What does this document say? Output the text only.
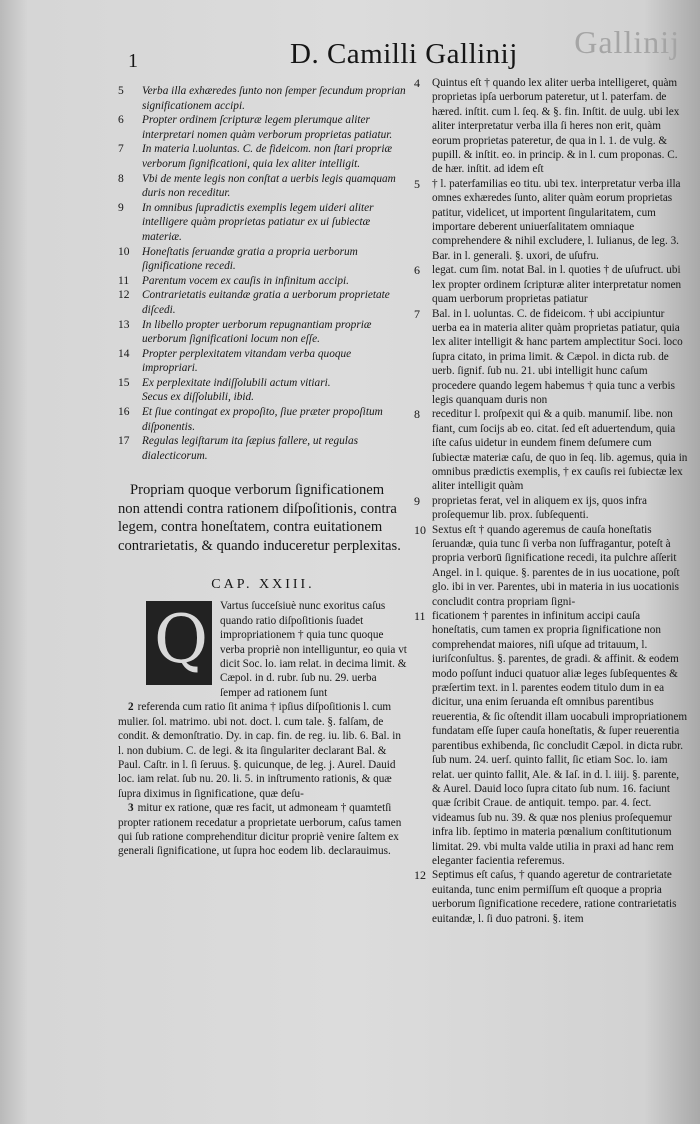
Gallinij
1	D. Camilli Gallinij
5	Verba illa exhæredes ſunto non ſemper ſecundum proprian significationem accipi.
6	Propter ordinem ſcripturæ legem plerumque aliter interpretari nomen quàm verborum proprietas patiatur.
7	In materia l.uoluntas. C. de fideicom. non ſtari propriæ verborum ſignificationi, quia lex aliter intelligit.
8	Vbi de mente legis non conſtat a uerbis legis quamquam duris non receditur.
9	In omnibus ſupradictis exemplis legem uideri aliter intelligere quàm proprietas patiatur ex ui ſubiectæ materiæ.
10	Honeſtatis ſeruandæ gratia a propria uerborum ſignificatione recedi.
11	Parentum vocem ex cauſis in infinitum accipi.
12	Contrarietatis euitandæ gratia a uerborum proprietate diſcedi.
13	In libello propter uerborum repugnantiam propriæ uerborum ſignificationi locum non eſſe.
14	Propter perplexitatem vitandam verba quoque impropriari.
15	Ex perplexitate indiſſolubili actum vitiari.
Secus ex diſſolubili, ibid.
16	Et ſiue contingat ex propoſito, ſiue præter propoſitum diſponentis.
17	Regulas legiſtarum ita ſæpius fallere, ut regulas dialecticorum.
Propriam quoque verborum ſignificationem non attendi contra rationem diſpoſitionis, contra legem, contra honeſtatem, contra euitationem contrarietatis, & quando induceretur perplexitas.
CAP. XXIII.
Q	Vartus ſucceſsiuè nunc exoritus caſus quando ratio diſpoſitionis ſuadet impropriationem † quia tunc quoque verba propriè non intelliguntur, eo quia vt dicit Soc. lo. iam relat. in decima limit. & Cæpol. in d. rubr. ſub nu. 29. uerba ſemper ad rationem ſunt
2 referenda cum ratio ſit anima † ipſius diſpoſitionis l. cum mulier. ſol. matrimo. ubi not. doct. l. cum tale. §. falſam, de condit. & demonſtratio. Dy. in cap. fin. de reg. iu. lib. 6. Bal. in l. non dubium. C. de legi. & ita ſingulariter declarant Bal. & Paul. Caſtr. in l. ſi ſeruus. §. quicunque, de leg. j. Aurel. Dauid loc. iam relat. ſub nu. 20. li. 5. in inſtrumento rationis, & quæ ſupra diximus in ſignificatione, quæ deſu-
3 mitur ex ratione, quæ res facit, ut admoneam † quamtetſi propter rationem recedatur a proprietate uerborum, caſus tamen qui ſub ratione comprehenditur dicitur propriè venire ſaltem ex generali ſignificatione, ut ſupra hoc eodem lib. declarauimus.
4 Quintus eſt † quando lex aliter uerba intelligeret, quàm proprietas ipſa uerborum pateretur, ut l. paterfam. de hæred. inſtit. cum l. ſeq. & §. fin. Inſtit. de uulg. ubi lex aliter interpretatur verba illa ſi heres non erit, quàm eorum proprietas pateretur, de qua in l. 1. de vulg. & pupill. & inſtit. eo. in princip. & in l. cum proponas. C. de hær. inſtit. ad idem eſt
5 † l. paterfamilias eo titu. ubi tex. interpretatur verba illa omnes exhæredes ſunto, aliter quàm eorum proprietas patitur, videlicet, ut importent ſingularitatem, cum importare deberent uniuerſalitatem omniaque comprehendere & nihil excludere, l. Iulianus, de leg. 3. Bar. in l. generali. §. uxori, de uſufru.
6 legat. cum ſim. notat Bal. in l. quoties † de uſufruct. ubi lex propter ordinem ſcripturæ aliter interpretatur nomen quam uerborum proprietas patiatur
7 Bal. in l. uoluntas. C. de fideicom. † ubi accipiuntur uerba ea in materia aliter quàm proprietas patiatur, quia lex aliter intelligit & hanc partem amplectitur Soci. loco ſupra citato, in prima limit. & Cæpol. in dicta rub. de uerb. ſignif. ſub nu. 21. ubi intelligit hunc caſum procedere quando legem habemus † quia tunc a verbis legis quanquam duris non
8 receditur l. proſpexit qui & a quib. manumiſ. libe. non fiant, cum ſocijs ab eo. citat. ſed eſt aduertendum, quia iſte caſus uidetur in eundem finem deſumere cum ſubiectæ materiæ caſu, de quo in ſeq. lib. agemus, quia in omnibus prædictis exemplis, † ex cauſis rei ſubiectæ lex aliter intelligit quàm
9 proprietas ferat, vel in aliquem ex ijs, quos infra proſequemur lib. prox. ſubſequenti.
10 Sextus eſt † quando ageremus de cauſa honeſtatis ſeruandæ, quia tunc ſi verba non ſuffragantur, poteſt à propria verborū ſignificatione recedi, ita pulchre aſſerit Angel. in l. quique. §. parentes de in ius uocatione, poſt glo. ibi in ver. Parentes, ubi in materia in ius uocationis concludit contra propriam ſigni-
11 ficationem † parentes in infinitum accipi cauſa honeſtatis, cum tamen ex propria ſignificatione non comprehendat maiores, niſi uſque ad tritauum, l. iuriſconſultus. §. parentes, de gradi. & affinit. & eodem modo poſſunt induci quatuor aliæ leges ſubſequentes & præſertim text. in l. parentes eodem titulo dum in ea dicitur, una enim ſeruanda eſt omnibus parentibus reuerentia, & ſic oſtendit illam uocabuli impropriationem fundatam eſſe ſuper cauſa honeſtatis, & ſuper reuerentia parentibus exhibenda, ſic concludit Cæpol. in dicta rubr. ſub num. 24. uerſ. quinto fallit, ſic etiam Soc. lo. iam relat. uer quinto fallit, Ale. & Iaſ. in d. l. iiij. §. parente, & Aurel. Dauid loco ſupra citato ſub num. 16. faciunt quæ ſcribit Craue. de antiquit. tempo. par. 4. ſect. videamus ſub nu. 39. & quæ nos plenius proſequemur infra lib. ſeptimo in materia pœnalium conſtitutionum limitat. 29. vbi multa valde utilia in praxi ad hanc rem eleganter facientia referemus.
12 Septimus eſt caſus, † quando ageretur de contrarietate euitanda, tunc enim permiſſum eſt quoque a propria uerborum ſignificatione recedere, ratione contrarietatis euitandæ, l. ſi duo patroni. §. item
